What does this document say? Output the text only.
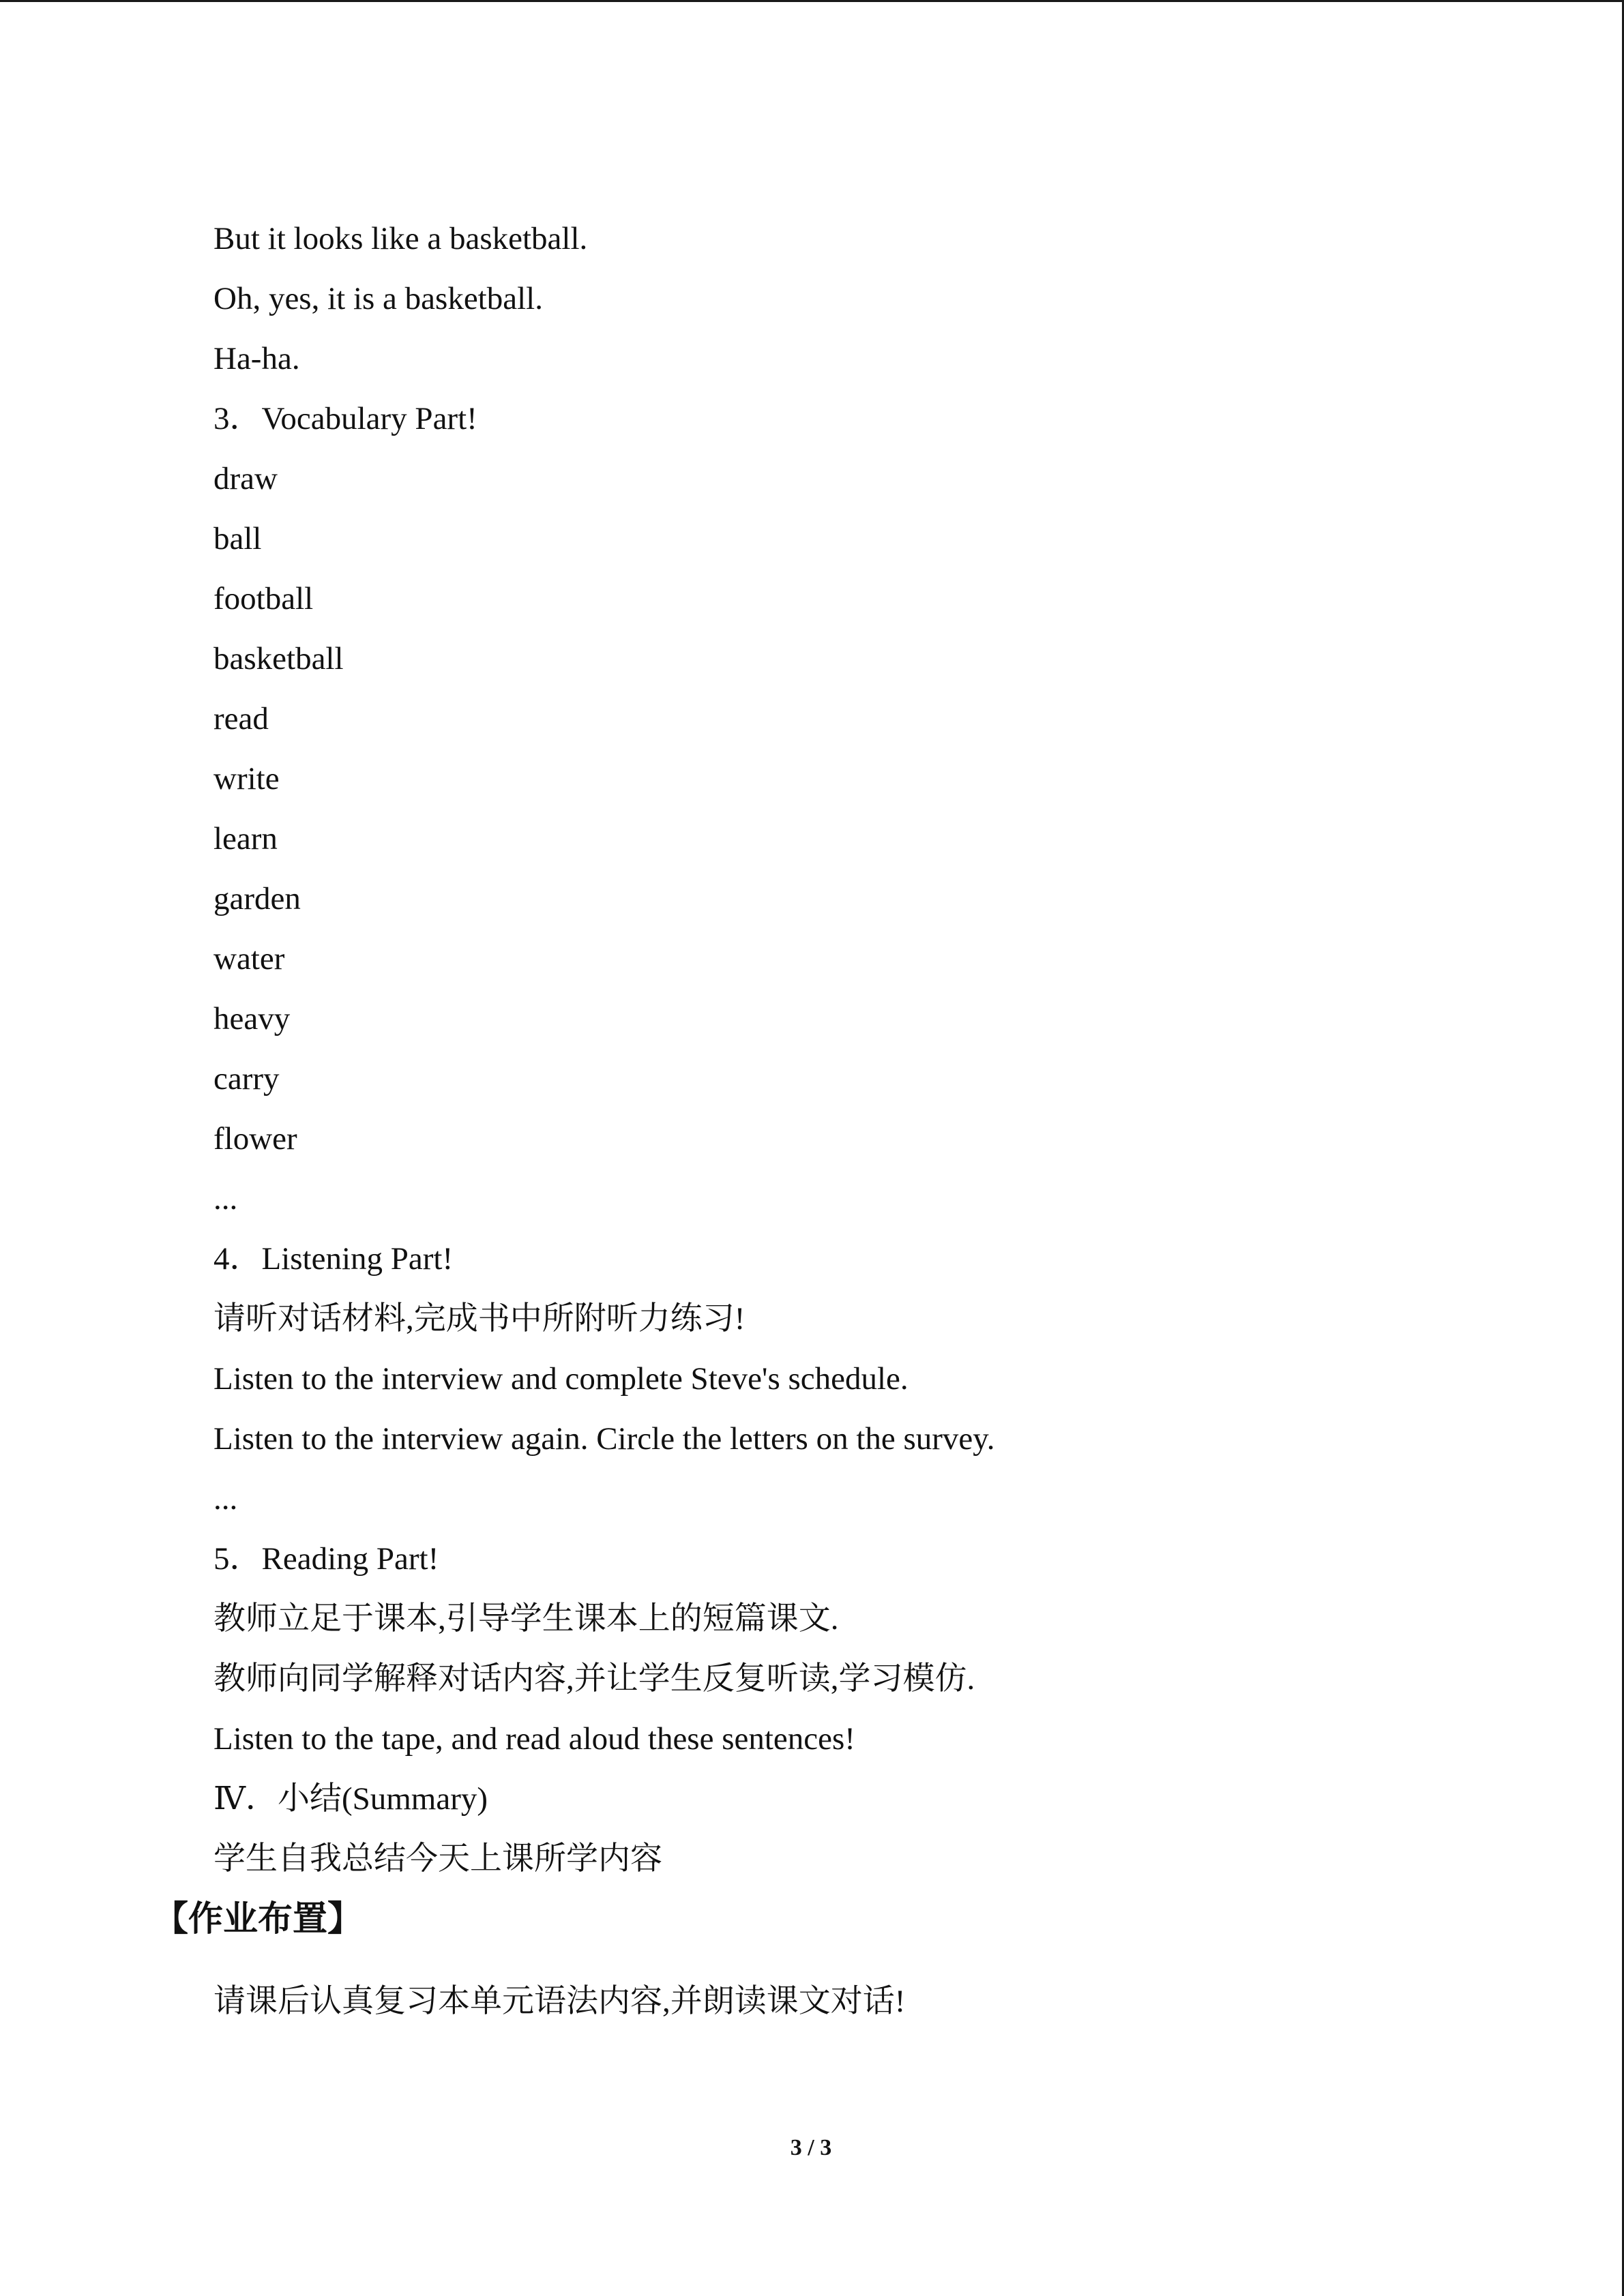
But it looks like a basketball.
Oh, yes, it is a basketball.
Ha-ha.
3．Vocabulary Part!
draw
ball
football
basketball
read
write
learn
garden
water
heavy
carry
flower
...
4．Listening Part!
请听对话材料,完成书中所附听力练习!
Listen to the interview and complete Steve's schedule.
Listen to the interview again. Circle the letters on the survey.
...
5．Reading Part!
教师立足于课本,引导学生课本上的短篇课文.
教师向同学解释对话内容,并让学生反复听读,学习模仿.
Listen to the tape, and read aloud these sentences!
Ⅳ．小结(Summary)
学生自我总结今天上课所学内容
【作业布置】
请课后认真复习本单元语法内容,并朗读课文对话!
3 / 3
